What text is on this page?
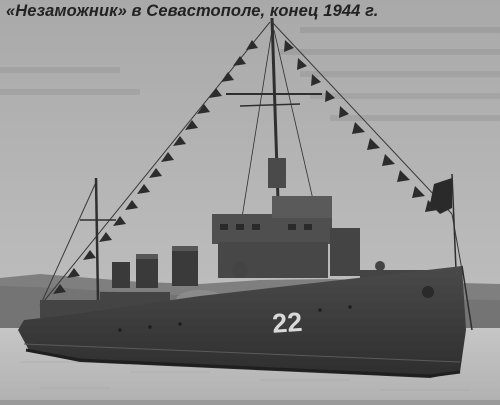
22

«Незаможник» в Севастополе, конец 1944 г.
